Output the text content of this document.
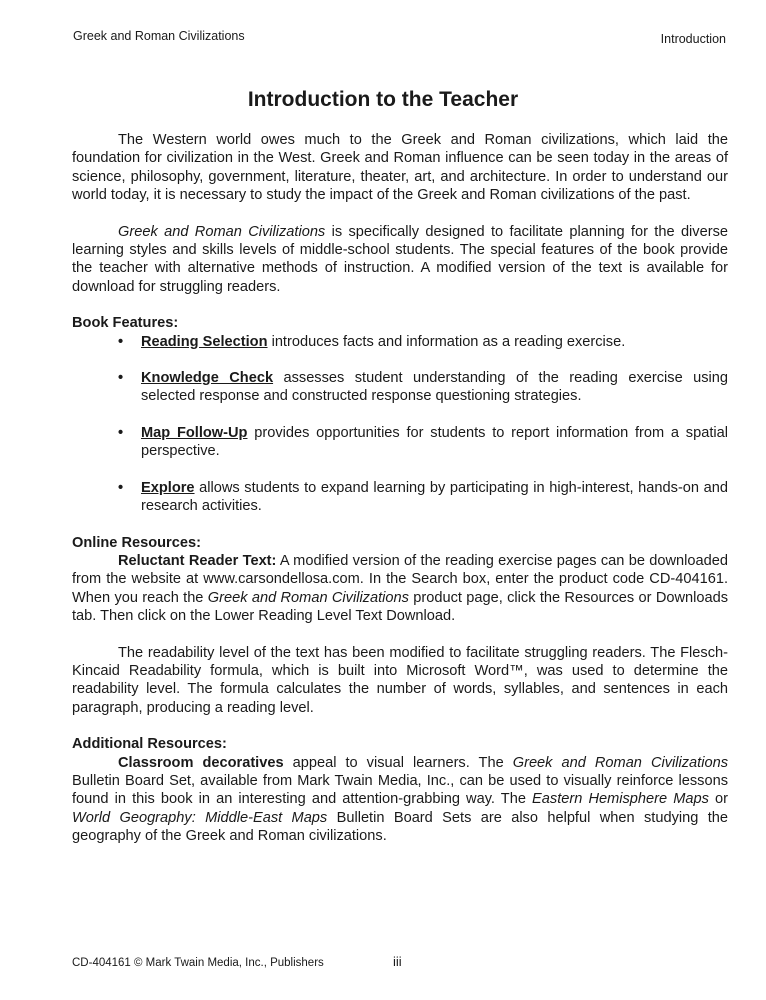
Greek and Roman Civilizations	Introduction
Introduction to the Teacher

The Western world owes much to the Greek and Roman civilizations, which laid the foundation for civilization in the West. Greek and Roman influence can be seen today in the areas of science, philosophy, government, literature, theater, art, and architecture. In order to understand our world today, it is necessary to study the impact of the Greek and Roman civilizations of the past.

Greek and Roman Civilizations is specifically designed to facilitate planning for the diverse learning styles and skills levels of middle-school students. The special features of the book provide the teacher with alternative methods of instruction. A modified version of the text is available for download for struggling readers.

Book Features:

• Reading Selection introduces facts and information as a reading exercise.
• Knowledge Check assesses student understanding of the reading exercise using selected response and constructed response questioning strategies.
• Map Follow-Up provides opportunities for students to report information from a spatial perspective.
• Explore allows students to expand learning by participating in high-interest, hands-on and research activities.

Online Resources:

Reluctant Reader Text: A modified version of the reading exercise pages can be downloaded from the website at www.carsondellosa.com. In the Search box, enter the product code CD-404161. When you reach the Greek and Roman Civilizations product page, click the Resources or Downloads tab. Then click on the Lower Reading Level Text Download.

The readability level of the text has been modified to facilitate struggling readers. The Flesch-Kincaid Readability formula, which is built into Microsoft Word™, was used to determine the readability level. The formula calculates the number of words, syllables, and sentences in each paragraph, producing a reading level.

Additional Resources:

Classroom decoratives appeal to visual learners. The Greek and Roman Civilizations Bulletin Board Set, available from Mark Twain Media, Inc., can be used to visually reinforce lessons found in this book in an interesting and attention-grabbing way. The Eastern Hemisphere Maps or World Geography: Middle-East Maps Bulletin Board Sets are also helpful when studying the geography of the Greek and Roman civilizations.

CD-404161 © Mark Twain Media, Inc., Publishers	iii
